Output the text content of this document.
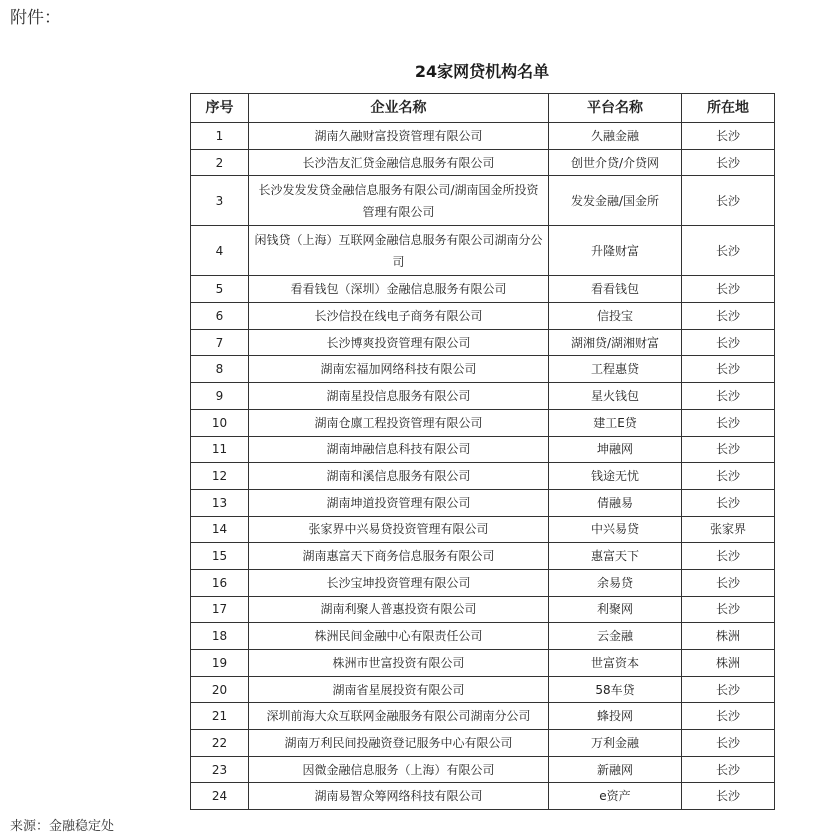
附件：
24家网贷机构名单
序号	企业名称	平台名称	所在地
1	湖南久融财富投资管理有限公司	久融金融	长沙
2	长沙浩友汇贷金融信息服务有限公司	创世介贷/介贷网	长沙
3	长沙发发发贷金融信息服务有限公司/湖南国金所投资管理有限公司	发发金融/国金所	长沙
4	闲钱贷（上海）互联网金融信息服务有限公司湖南分公司	升隆财富	长沙
5	看看钱包（深圳）金融信息服务有限公司	看看钱包	长沙
6	长沙信投在线电子商务有限公司	信投宝	长沙
7	长沙博爽投资管理有限公司	湖湘贷/湖湘财富	长沙
8	湖南宏福加网络科技有限公司	工程惠贷	长沙
9	湖南星投信息服务有限公司	星火钱包	长沙
10	湖南仓廪工程投资管理有限公司	建工E贷	长沙
11	湖南坤融信息科技有限公司	坤融网	长沙
12	湖南和溪信息服务有限公司	钱途无忧	长沙
13	湖南坤道投资管理有限公司	倩融易	长沙
14	张家界中兴易贷投资管理有限公司	中兴易贷	张家界
15	湖南惠富天下商务信息服务有限公司	惠富天下	长沙
16	长沙宝坤投资管理有限公司	余易贷	长沙
17	湖南利聚人普惠投资有限公司	利聚网	长沙
18	株洲民间金融中心有限责任公司	云金融	株洲
19	株洲市世富投资有限公司	世富资本	株洲
20	湖南省星展投资有限公司	58车贷	长沙
21	深圳前海大众互联网金融服务有限公司湖南分公司	蜂投网	长沙
22	湖南万利民间投融资登记服务中心有限公司	万利金融	长沙
23	因微金融信息服务（上海）有限公司	新融网	长沙
24	湖南易智众筹网络科技有限公司	e资产	长沙
来源：金融稳定处
